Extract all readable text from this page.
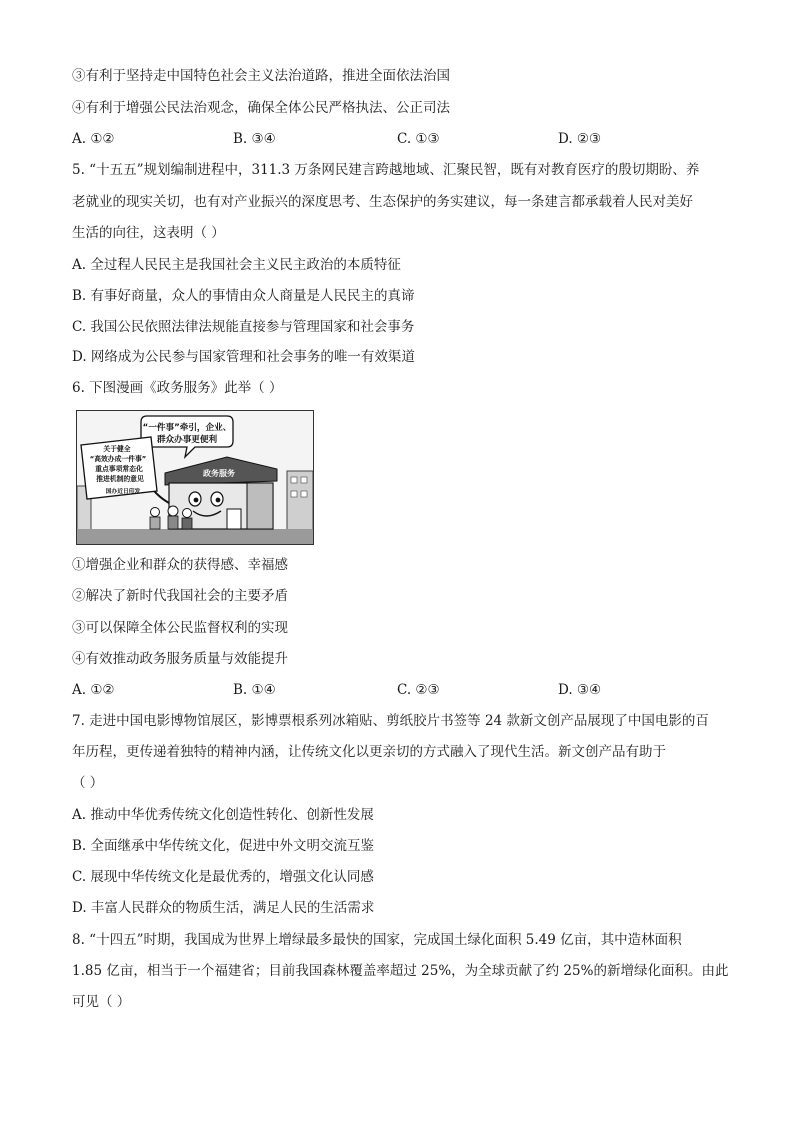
③有利于坚持走中国特色社会主义法治道路，推进全面依法治国
④有利于增强公民法治观念，确保全体公民严格执法、公正司法
A. ①②	B. ③④	C. ①③	D. ②③
5. “十五五”规划编制进程中，311.3 万条网民建言跨越地域、汇聚民智，既有对教育医疗的殷切期盼、养
老就业的现实关切，也有对产业振兴的深度思考、生态保护的务实建议，每一条建言都承载着人民对美好
生活的向往，这表明（ ）
A. 全过程人民民主是我国社会主义民主政治的本质特征
B. 有事好商量，众人的事情由众人商量是人民民主的真谛
C. 我国公民依照法律法规能直接参与管理国家和社会事务
D. 网络成为公民参与国家管理和社会事务的唯一有效渠道
6. 下图漫画《政务服务》此举（ ）
“一件事”牵引，企业、
群众办事更便利
政务服务
关于健全
“高效办成一件事”
重点事项常态化
推进机制的意见
国办近日印发
①增强企业和群众的获得感、幸福感
②解决了新时代我国社会的主要矛盾
③可以保障全体公民监督权利的实现
④有效推动政务服务质量与效能提升
A. ①②	B. ①④	C. ②③	D. ③④
7. 走进中国电影博物馆展区，影博票根系列冰箱贴、剪纸胶片书签等 24 款新文创产品展现了中国电影的百
年历程，更传递着独特的精神内涵，让传统文化以更亲切的方式融入了现代生活。新文创产品有助于
（ ）
A. 推动中华优秀传统文化创造性转化、创新性发展
B. 全面继承中华传统文化，促进中外文明交流互鉴
C. 展现中华传统文化是最优秀的，增强文化认同感
D. 丰富人民群众的物质生活，满足人民的生活需求
8. “十四五”时期，我国成为世界上增绿最多最快的国家，完成国土绿化面积 5.49 亿亩，其中造林面积
1.85 亿亩，相当于一个福建省；目前我国森林覆盖率超过 25%，为全球贡献了约 25%的新增绿化面积。由此
可见（ ）
